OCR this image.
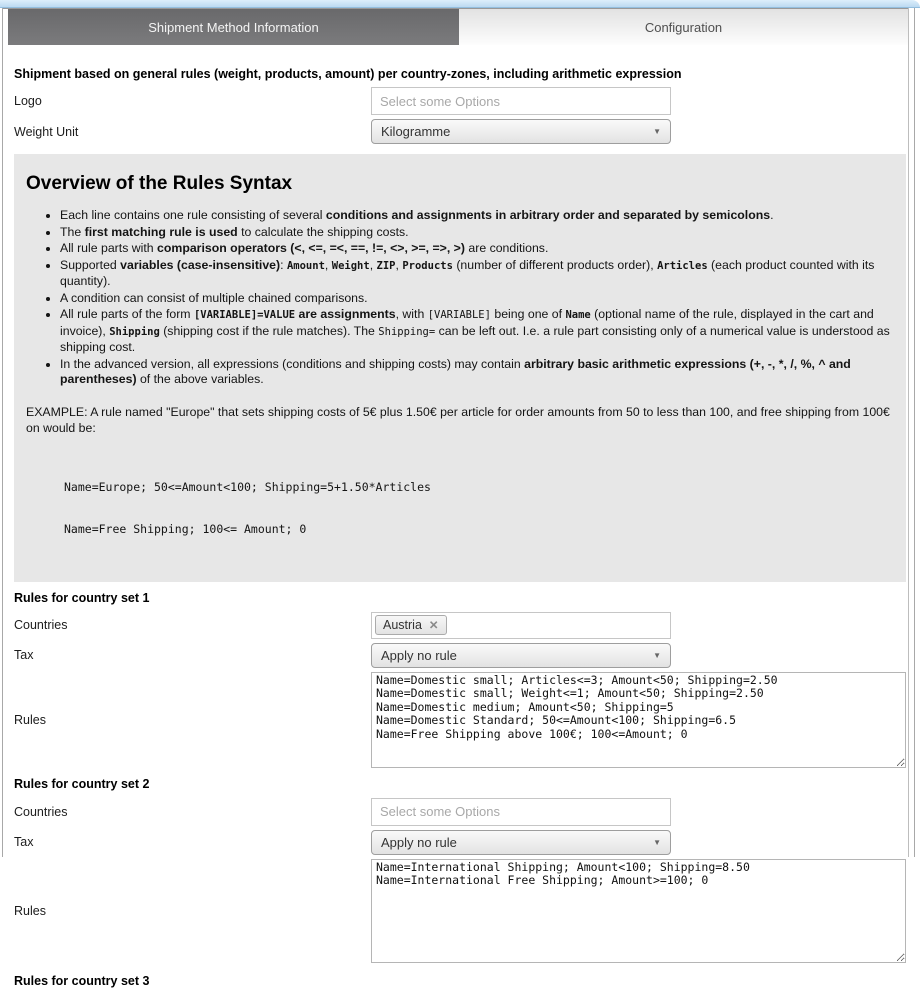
Shipment Method Information	Configuration
Shipment based on general rules (weight, products, amount) per country-zones, including arithmetic expression
Logo
Select some Options
Weight Unit	Kilogramme	▼
Overview of the Rules Syntax
• Each line contains one rule consisting of several conditions and assignments in arbitrary order and separated by semicolons.
• The first matching rule is used to calculate the shipping costs.
• All rule parts with comparison operators (<, <=, =<, ==, !=, <>, >=, =>, >) are conditions.
• Supported variables (case-insensitive): Amount, Weight, ZIP, Products (number of different products order), Articles (each product counted with its quantity).
• A condition can consist of multiple chained comparisons.
• All rule parts of the form [VARIABLE]=VALUE are assignments, with [VARIABLE] being one of Name (optional name of the rule, displayed in the cart and invoice), Shipping (shipping cost if the rule matches). The Shipping= can be left out. I.e. a rule part consisting only of a numerical value is understood as shipping cost.
• In the advanced version, all expressions (conditions and shipping costs) may contain arbitrary basic arithmetic expressions (+, -, *, /, %, ^ and parentheses) of the above variables.
EXAMPLE: A rule named "Europe" that sets shipping costs of 5€ plus 1.50€ per article for order amounts from 50 to less than 100, and free shipping from 100€ on would be:

Name=Europe; 50<=Amount<100; Shipping=5+1.50*Articles

Name=Free Shipping; 100<= Amount; 0

Rules for country set 1
Countries	Austria ✕
Tax	Apply no rule	▼
Rules
Name=Domestic small; Articles<=3; Amount<50; Shipping=2.50 Name=Domestic small; Weight<=1; Amount<50; Shipping=2.50 Name=Domestic medium; Amount<50; Shipping=5 Name=Domestic Standard; 50<=Amount<100; Shipping=6.5 Name=Free Shipping above 100€; 100<=Amount; 0
Rules for country set 2
Countries
Select some Options
Tax	Apply no rule	▼
Rules
Name=International Shipping; Amount<100; Shipping=8.50 Name=International Free Shipping; Amount>=100; 0
Rules for country set 3
